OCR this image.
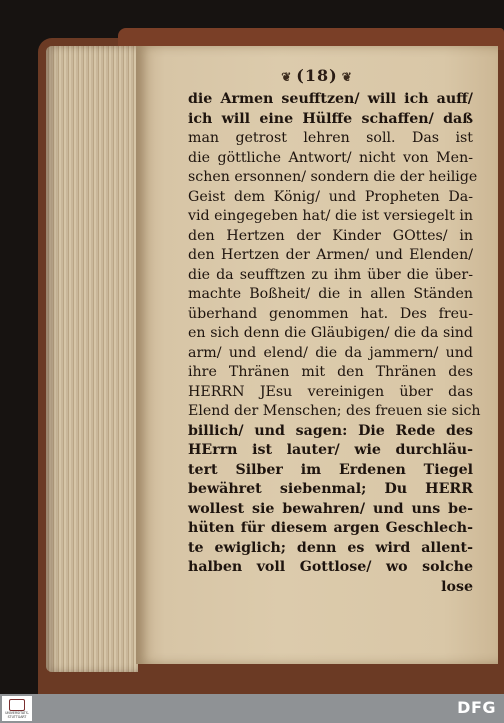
❦ (18) ❦
die Armen seufftzen/ will ich auff/
ich will eine Hülffe schaffen/ daß
man getrost lehren soll. Das ist
die göttliche Antwort/ nicht von Men-
schen ersonnen/ sondern die der heilige
Geist dem König/ und Propheten Da-
vid eingegeben hat/ die ist versiegelt in
den Hertzen der Kinder GOttes/ in
den Hertzen der Armen/ und Elenden/
die da seufftzen zu ihm über die über-
machte Boßheit/ die in allen Ständen
überhand genommen hat. Des freu-
en sich denn die Gläubigen/ die da sind
arm/ und elend/ die da jammern/ und
ihre Thränen mit den Thränen des
HERRN JEsu vereinigen über das
Elend der Menschen; des freuen sie sich
billich/ und sagen: Die Rede des
HErrn ist lauter/ wie durchläu-
tert Silber im Erdenen Tiegel
bewähret siebenmal; Du HERR
wollest sie bewahren/ und uns be-
hüten für diesem argen Geschlech-
te ewiglich; denn es wird allent-
halben voll Gottlose/ wo solche
lose
UNIVERSITÄTS-
STUTTGART	DFG
